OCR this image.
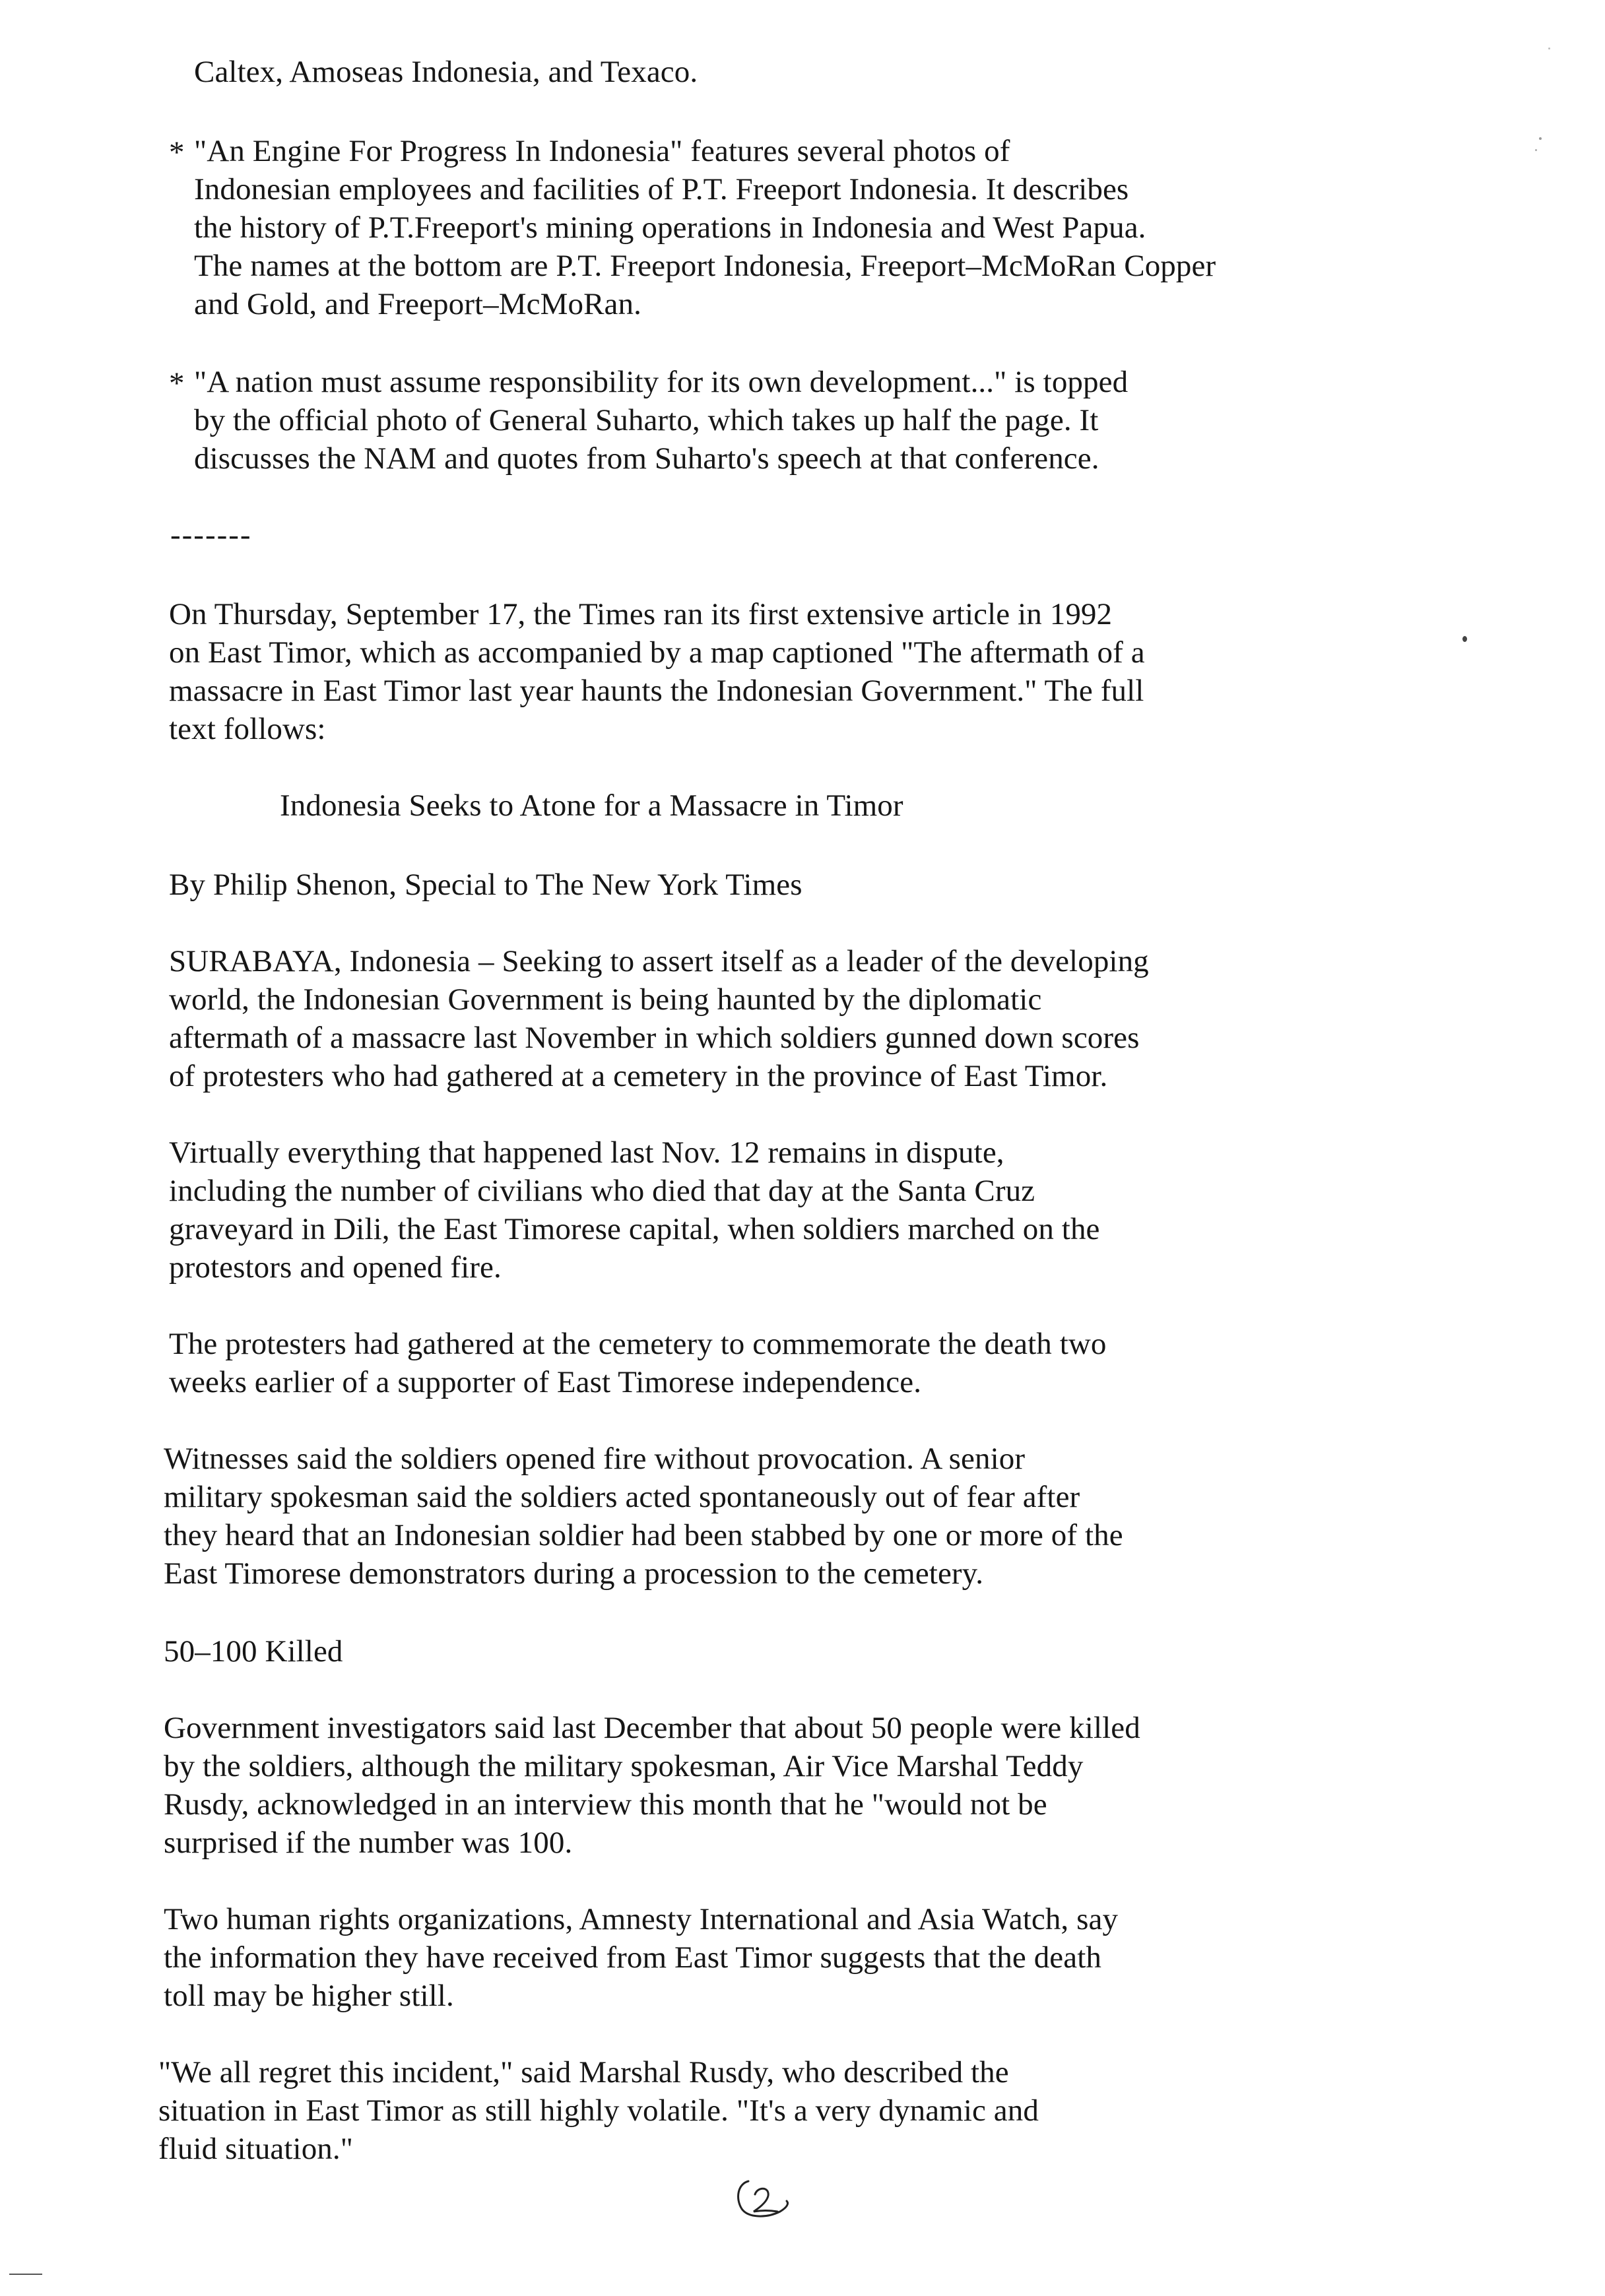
Caltex, Amoseas Indonesia, and Texaco.
* "An Engine For Progress In Indonesia" features several photos of
Indonesian employees and facilities of P.T. Freeport Indonesia. It describes
the history of P.T.Freeport's mining operations in Indonesia and West Papua.
The names at the bottom are P.T. Freeport Indonesia, Freeport–McMoRan Copper
and Gold, and Freeport–McMoRan.
* "A nation must assume responsibility for its own development..." is topped
by the official photo of General Suharto, which takes up half the page. It
discusses the NAM and quotes from Suharto's speech at that conference.
-------
On Thursday, September 17, the Times ran its first extensive article in 1992
on East Timor, which as accompanied by a map captioned "The aftermath of a
massacre in East Timor last year haunts the Indonesian Government." The full
text follows:
Indonesia Seeks to Atone for a Massacre in Timor
By Philip Shenon, Special to The New York Times
SURABAYA, Indonesia – Seeking to assert itself as a leader of the developing
world, the Indonesian Government is being haunted by the diplomatic
aftermath of a massacre last November in which soldiers gunned down scores
of protesters who had gathered at a cemetery in the province of East Timor.
Virtually everything that happened last Nov. 12 remains in dispute,
including the number of civilians who died that day at the Santa Cruz
graveyard in Dili, the East Timorese capital, when soldiers marched on the
protestors and opened fire.
The protesters had gathered at the cemetery to commemorate the death two
weeks earlier of a supporter of East Timorese independence.
Witnesses said the soldiers opened fire without provocation. A senior
military spokesman said the soldiers acted spontaneously out of fear after
they heard that an Indonesian soldier had been stabbed by one or more of the
East Timorese demonstrators during a procession to the cemetery.
50–100 Killed
Government investigators said last December that about 50 people were killed
by the soldiers, although the military spokesman, Air Vice Marshal Teddy
Rusdy, acknowledged in an interview this month that he "would not be
surprised if the number was 100.
Two human rights organizations, Amnesty International and Asia Watch, say
the information they have received from East Timor suggests that the death
toll may be higher still.
"We all regret this incident," said Marshal Rusdy, who described the
situation in East Timor as still highly volatile. "It's a very dynamic and
fluid situation."
